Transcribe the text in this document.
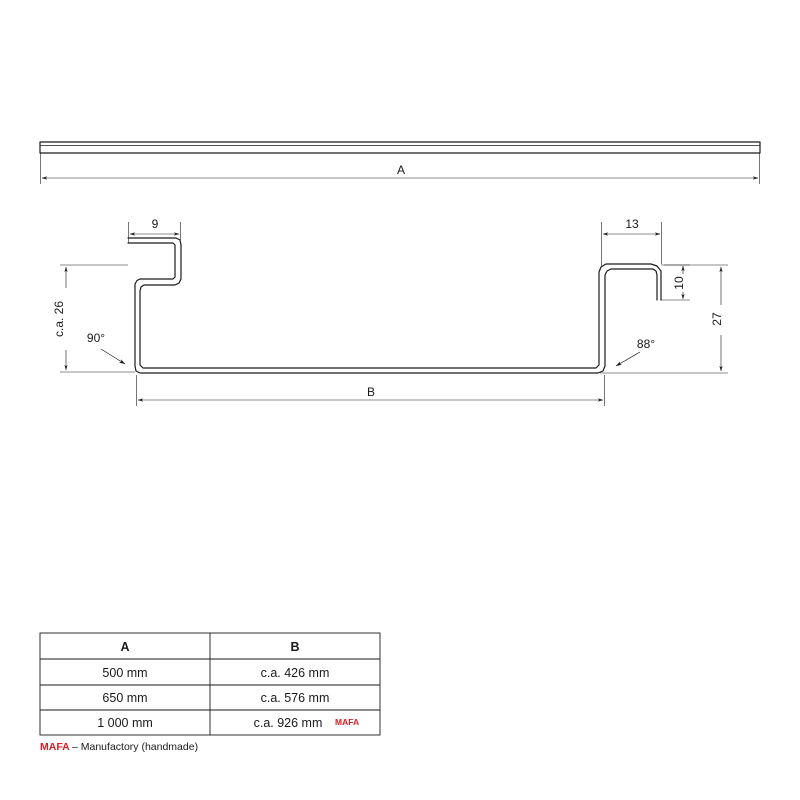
A
9	13
c.a. 26
10
27
90°	88°
B
A	B
500 mm	c.a. 426 mm
650 mm	c.a. 576 mm
1 000 mm	c.a. 926 mm MAFA
MAFA – Manufactory (handmade)
